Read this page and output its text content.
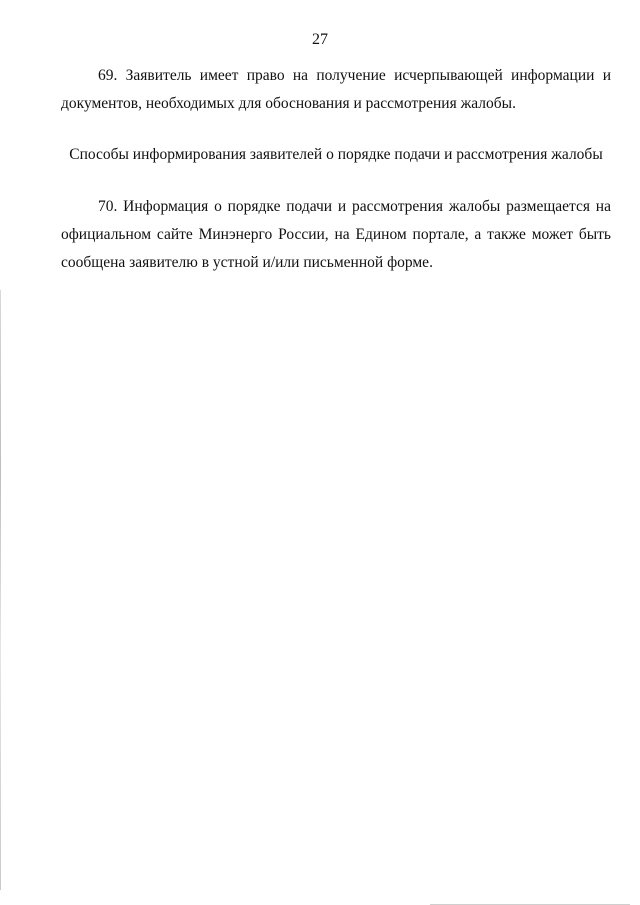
27
69. Заявитель имеет право на получение исчерпывающей информации и
документов, необходимых для обоснования и рассмотрения жалобы.
Способы информирования заявителей о порядке подачи и рассмотрения жалобы
70. Информация о порядке подачи и рассмотрения жалобы размещается на
официальном сайте Минэнерго России, на Едином портале, а также может быть
сообщена заявителю в устной и/или письменной форме.
